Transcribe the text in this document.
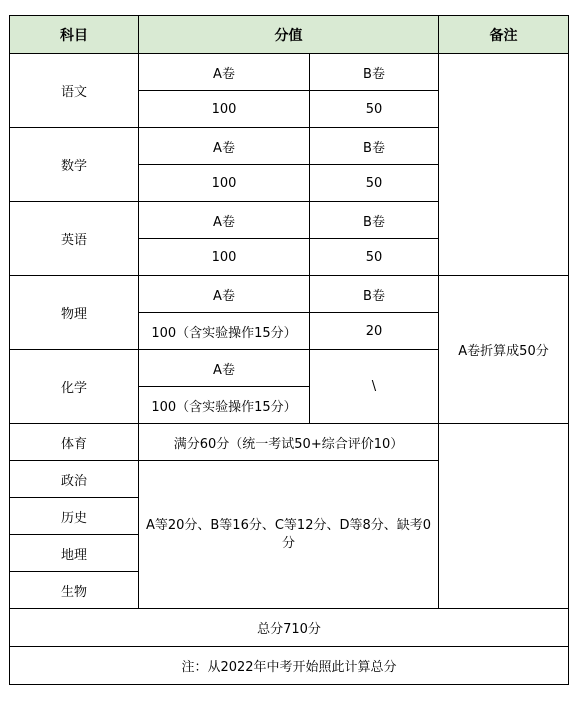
科目	分值		备注
语文	A卷	B卷	
	100	50	
数学	A卷	B卷	
	100	50	
英语	A卷	B卷	
	100	50	
物理	A卷	B卷	A卷折算成50分
	100（含实验操作15分）	20	
化学	A卷	\	
	100（含实验操作15分）		
体育	满分60分（统一考试50+综合评价10）		
政治	A等20分、B等16分、C等12分、D等8分、缺考0分		
历史			
地理			
生物			
总分710分			
注：从2022年中考开始照此计算总分			
